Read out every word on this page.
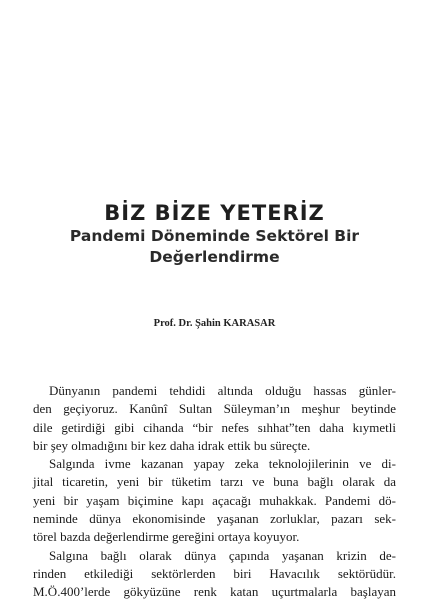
BİZ BİZE YETERİZ

Pandemi Döneminde Sektörel Bir

Değerlendirme

Prof. Dr. Şahin KARASAR

Dünyanın pandemi tehdidi altında olduğu hassas günler-
den geçiyoruz. Kanûnî Sultan Süleyman’ın meşhur beytinde
dile getirdiği gibi cihanda “bir nefes sıhhat”ten daha kıymetli
bir şey olmadığını bir kez daha idrak ettik bu süreçte.
Salgında ivme kazanan yapay zeka teknolojilerinin ve di-
jital ticaretin, yeni bir tüketim tarzı ve buna bağlı olarak da
yeni bir yaşam biçimine kapı açacağı muhakkak. Pandemi dö-
neminde dünya ekonomisinde yaşanan zorluklar, pazarı sek-
törel bazda değerlendirme gereğini ortaya koyuyor.
Salgına bağlı olarak dünya çapında yaşanan krizin de-
rinden etkilediği sektörlerden biri Havacılık sektörüdür.
M.Ö.400’lerde gökyüzüne renk katan uçurtmalarla başlayan
